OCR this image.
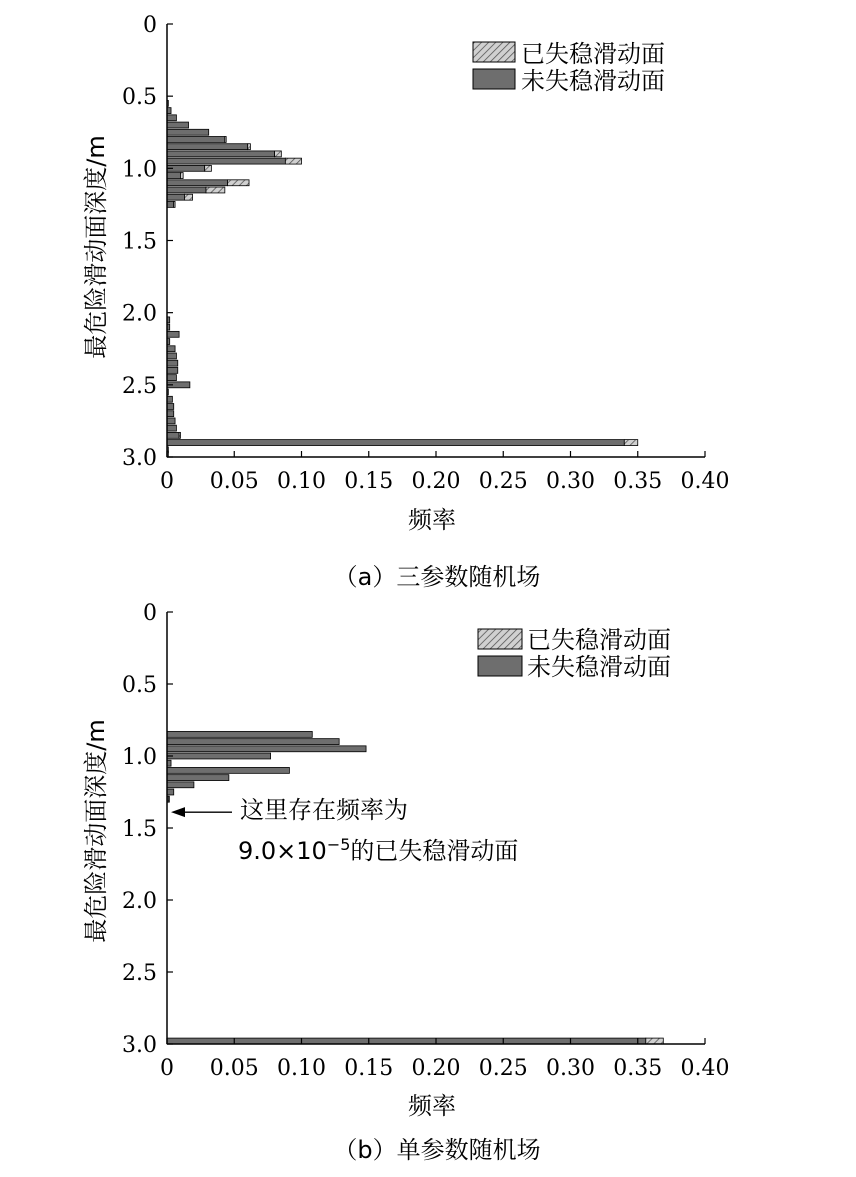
0
0.5
1.0
1.5
2.0
2.5
3.0
0 0.05 0.10 0.15 0.20 0.25 0.30 0.35 0.40
最危险滑动面深度/m
频率
（a）三参数随机场
已失稳滑动面
未失稳滑动面
0
0.5
1.0
1.5
2.0
2.5
3.0
0 0.05 0.10 0.15 0.20 0.25 0.30 0.35 0.40
最危险滑动面深度/m
频率
（b）单参数随机场
已失稳滑动面
未失稳滑动面
这里存在频率为
$9.0\times 10^{-5}$的已失稳滑动面
